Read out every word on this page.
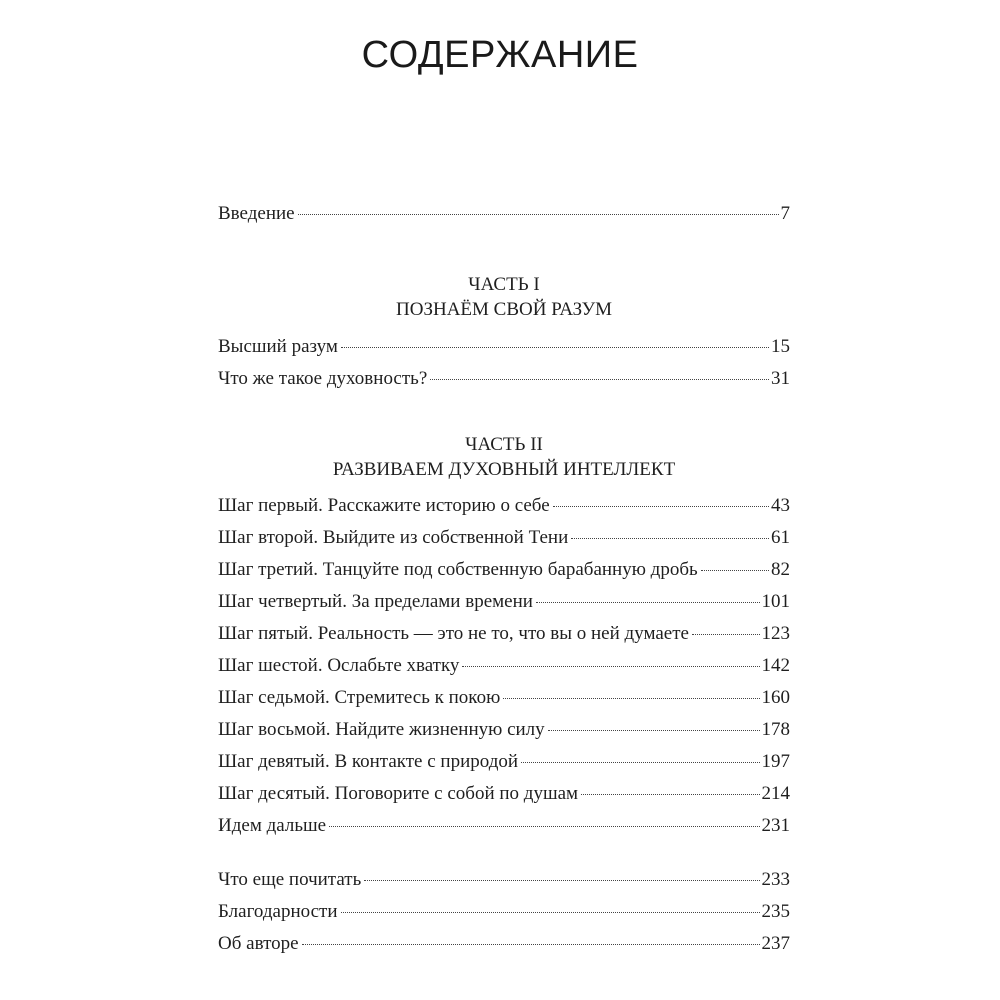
СОДЕРЖАНИЕ
Введение	7
ЧАСТЬ I
ПОЗНАЁМ СВОЙ РАЗУМ
Высший разум	15
Что же такое духовность?	31
ЧАСТЬ II
РАЗВИВАЕМ ДУХОВНЫЙ ИНТЕЛЛЕКТ
Шаг первый. Расскажите историю о себе	43
Шаг второй. Выйдите из собственной Тени	61
Шаг третий. Танцуйте под собственную барабанную дробь	82
Шаг четвертый. За пределами времени	101
Шаг пятый. Реальность — это не то, что вы о ней думаете	123
Шаг шестой. Ослабьте хватку	142
Шаг седьмой. Стремитесь к покою	160
Шаг восьмой. Найдите жизненную силу	178
Шаг девятый. В контакте с природой	197
Шаг десятый. Поговорите с собой по душам	214
Идем дальше	231
Что еще почитать	233
Благодарности	235
Об авторе	237
